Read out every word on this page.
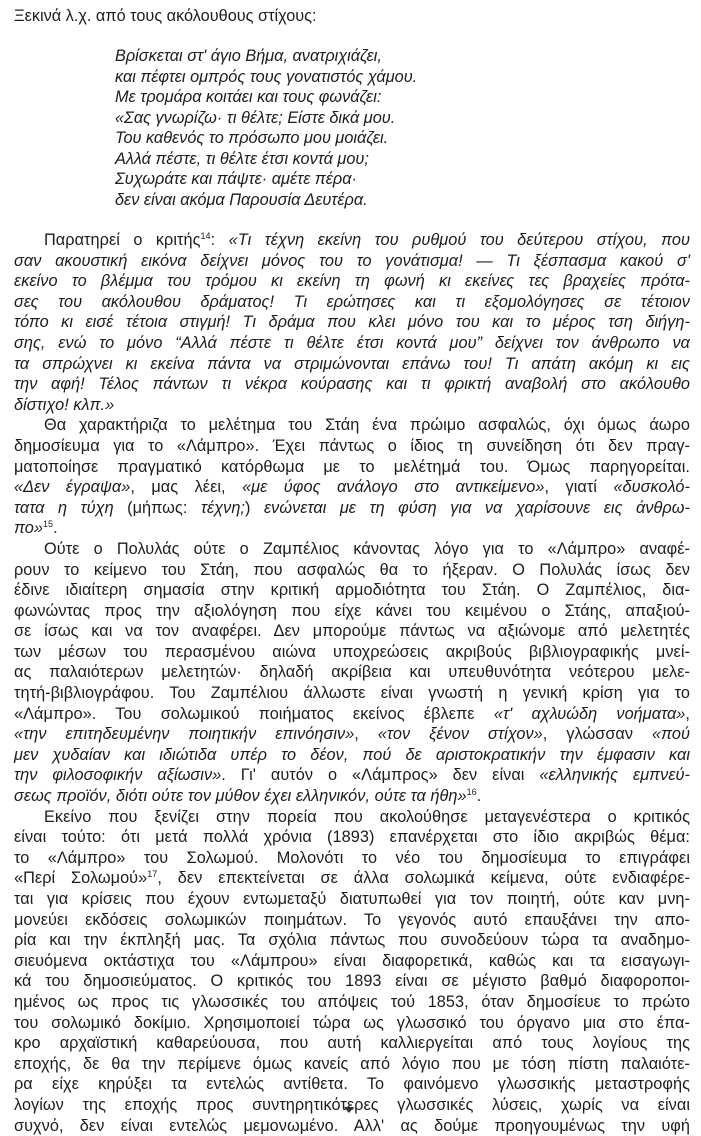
Ξεκινά λ.χ. από τους ακόλουθους στίχους:

Βρίσκεται στ' άγιο Βήμα, ανατριχιάζει,
και πέφτει ομπρός τους γονατιστός χάμου.
Με τρομάρα κοιτάει και τους φωνάζει:
«Σας γνωρίζω· τι θέλτε; Είστε δικά μου.
Του καθενός το πρόσωπο μου μοιάζει.
Αλλά πέστε, τι θέλτε έτσι κοντά μου;
Συχωράτε και πάψτε· αμέτε πέρα·
δεν είναι ακόμα Παρουσία Δευτέρα.
Παρατηρεί ο κριτής$^{14}$: «Τι τέχνη εκείνη του ρυθμού του δεύτερου στίχου, που
σαν ακουστική εικόνα δείχνει μόνος του το γονάτισμα! — Τι ξέσπασμα κακού σ'
εκείνο το βλέμμα του τρόμου κι εκείνη τη φωνή κι εκείνες τες βραχείες πρότα-
σες του ακόλουθου δράματος! Τι ερώτησες και τι εξομολόγησες σε τέτοιον
τόπο κι εισέ τέτοια στιγμή! Τι δράμα που κλει μόνο του και το μέρος τση διήγη-
σης, ενώ το μόνο “Αλλά πέστε τι θέλτε έτσι κοντά μου” δείχνει τον άνθρωπο να
τα σπρώχνει κι εκείνα πάντα να στριμώνονται επάνω του! Τι απάτη ακόμη κι εις
την αφή! Τέλος πάντων τι νέκρα κούρασης και τι φρικτή αναβολή στο ακόλουθο
δίστιχο! κλπ.»
Θα χαρακτήριζα το μελέτημα του Στάη ένα πρώιμο ασφαλώς, όχι όμως άωρο
δημοσίευμα για το «Λάμπρο». Έχει πάντως ο ίδιος τη συνείδηση ότι δεν πραγ-
ματοποίησε πραγματικό κατόρθωμα με το μελέτημά του. Όμως παρηγορείται.
«Δεν έγραψα», μας λέει, «με ύφος ανάλογο στο αντικείμενο», γιατί «δυσκολό-
τατα η τύχη (μήπως: τέχνη;) ενώνεται με τη φύση για να χαρίσουνε εις άνθρω-
πο»$^{15}$.
Ούτε ο Πολυλάς ούτε ο Ζαμπέλιος κάνοντας λόγο για το «Λάμπρο» αναφέ-
ρουν το κείμενο του Στάη, που ασφαλώς θα το ήξεραν. Ο Πολυλάς ίσως δεν
έδινε ιδιαίτερη σημασία στην κριτική αρμοδιότητα του Στάη. Ο Ζαμπέλιος, δια-
φωνώντας προς την αξιολόγηση που είχε κάνει του κειμένου ο Στάης, απαξιού-
σε ίσως και να τον αναφέρει. Δεν μπορούμε πάντως να αξιώνομε από μελετητές
των μέσων του περασμένου αιώνα υποχρεώσεις ακριβούς βιβλιογραφικής μνεί-
ας παλαιότερων μελετητών· δηλαδή ακρίβεια και υπευθυνότητα νεότερου μελε-
τητή-βιβλιογράφου. Του Ζαμπέλιου άλλωστε είναι γνωστή η γενική κρίση για το
«Λάμπρο». Του σολωμικού ποιήματος εκείνος έβλεπε «τ' αχλυώδη νοήματα»,
«την επιτηδευμένην ποιητικήν επινόησιν», «τον ξένον στίχον», γλώσσαν «πού
μεν χυδαίαν και ιδιώτιδα υπέρ το δέον, πού δε αριστοκρατικήν την έμφασιν και
την φιλοσοφικήν αξίωσιν». Γι' αυτόν ο «Λάμπρος» δεν είναι «ελληνικής εμπνεύ-
σεως προϊόν, διότι ούτε τον μύθον έχει ελληνικόν, ούτε τα ήθη»$^{16}$.
Εκείνο που ξενίζει στην πορεία που ακολούθησε μεταγενέστερα ο κριτικός
είναι τούτο: ότι μετά πολλά χρόνια (1893) επανέρχεται στο ίδιο ακριβώς θέμα:
το «Λάμπρο» του Σολωμού. Μολονότι το νέο του δημοσίευμα το επιγράφει
«Περί Σολωμού»$^{17}$, δεν επεκτείνεται σε άλλα σολωμικά κείμενα, ούτε ενδιαφέρε-
ται για κρίσεις που έχουν εντωμεταξύ διατυπωθεί για τον ποιητή, ούτε καν μνη-
μονεύει εκδόσεις σολωμικών ποιημάτων. Το γεγονός αυτό επαυξάνει την απο-
ρία και την έκπληξή μας. Τα σχόλια πάντως που συνοδεύουν τώρα τα αναδημο-
σιευόμενα οκτάστιχα του «Λάμπρου» είναι διαφορετικά, καθώς και τα εισαγωγι-
κά του δημοσιεύματος. Ο κριτικός του 1893 είναι σε μέγιστο βαθμό διαφοροποι-
ημένος ως προς τις γλωσσικές του απόψεις τού 1853, όταν δημοσίευε το πρώτο
του σολωμικό δοκίμιο. Χρησιμοποιεί τώρα ως γλωσσικό του όργανο μια στο έπα-
κρο αρχαϊστική καθαρεύουσα, που αυτή καλλιεργείται από τους λογίους της
εποχής, δε θα την περίμενε όμως κανείς από λόγιο που με τόση πίστη παλαιότε-
ρα είχε κηρύξει τα εντελώς αντίθετα. Το φαινόμενο γλωσσικής μεταστροφής
λογίων της εποχής προς συντηρητικότερες γλωσσικές λύσεις, χωρίς να είναι
συχνό, δεν είναι εντελώς μεμονωμένο. Αλλ' ας δούμε προηγουμένως την υφή
